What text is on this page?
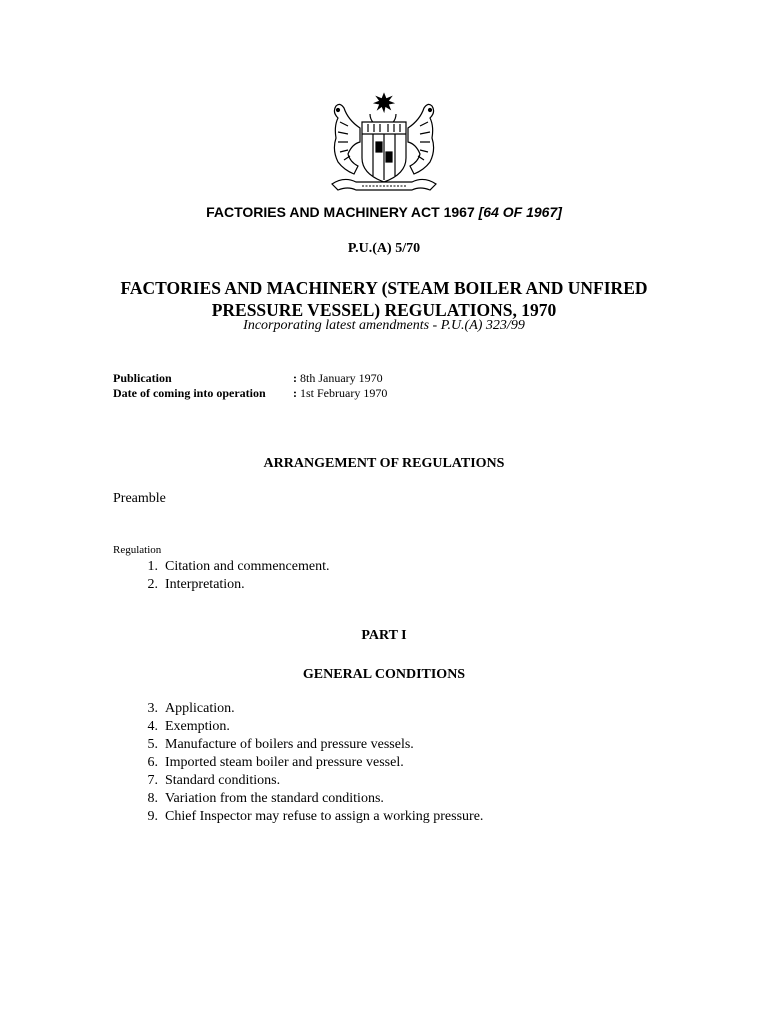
FACTORIES AND MACHINERY ACT 1967 [64 OF 1967]
P.U.(A) 5/70
FACTORIES AND MACHINERY (STEAM BOILER AND UNFIRED
PRESSURE VESSEL) REGULATIONS, 1970
Incorporating latest amendments - P.U.(A) 323/99
Publication	: 8th January 1970
Date of coming into operation	: 1st February 1970
ARRANGEMENT OF REGULATIONS
Preamble
Regulation
1. Citation and commencement.
2. Interpretation.
PART I
GENERAL CONDITIONS
3. Application.
4. Exemption.
5. Manufacture of boilers and pressure vessels.
6. Imported steam boiler and pressure vessel.
7. Standard conditions.
8. Variation from the standard conditions.
9. Chief Inspector may refuse to assign a working pressure.
